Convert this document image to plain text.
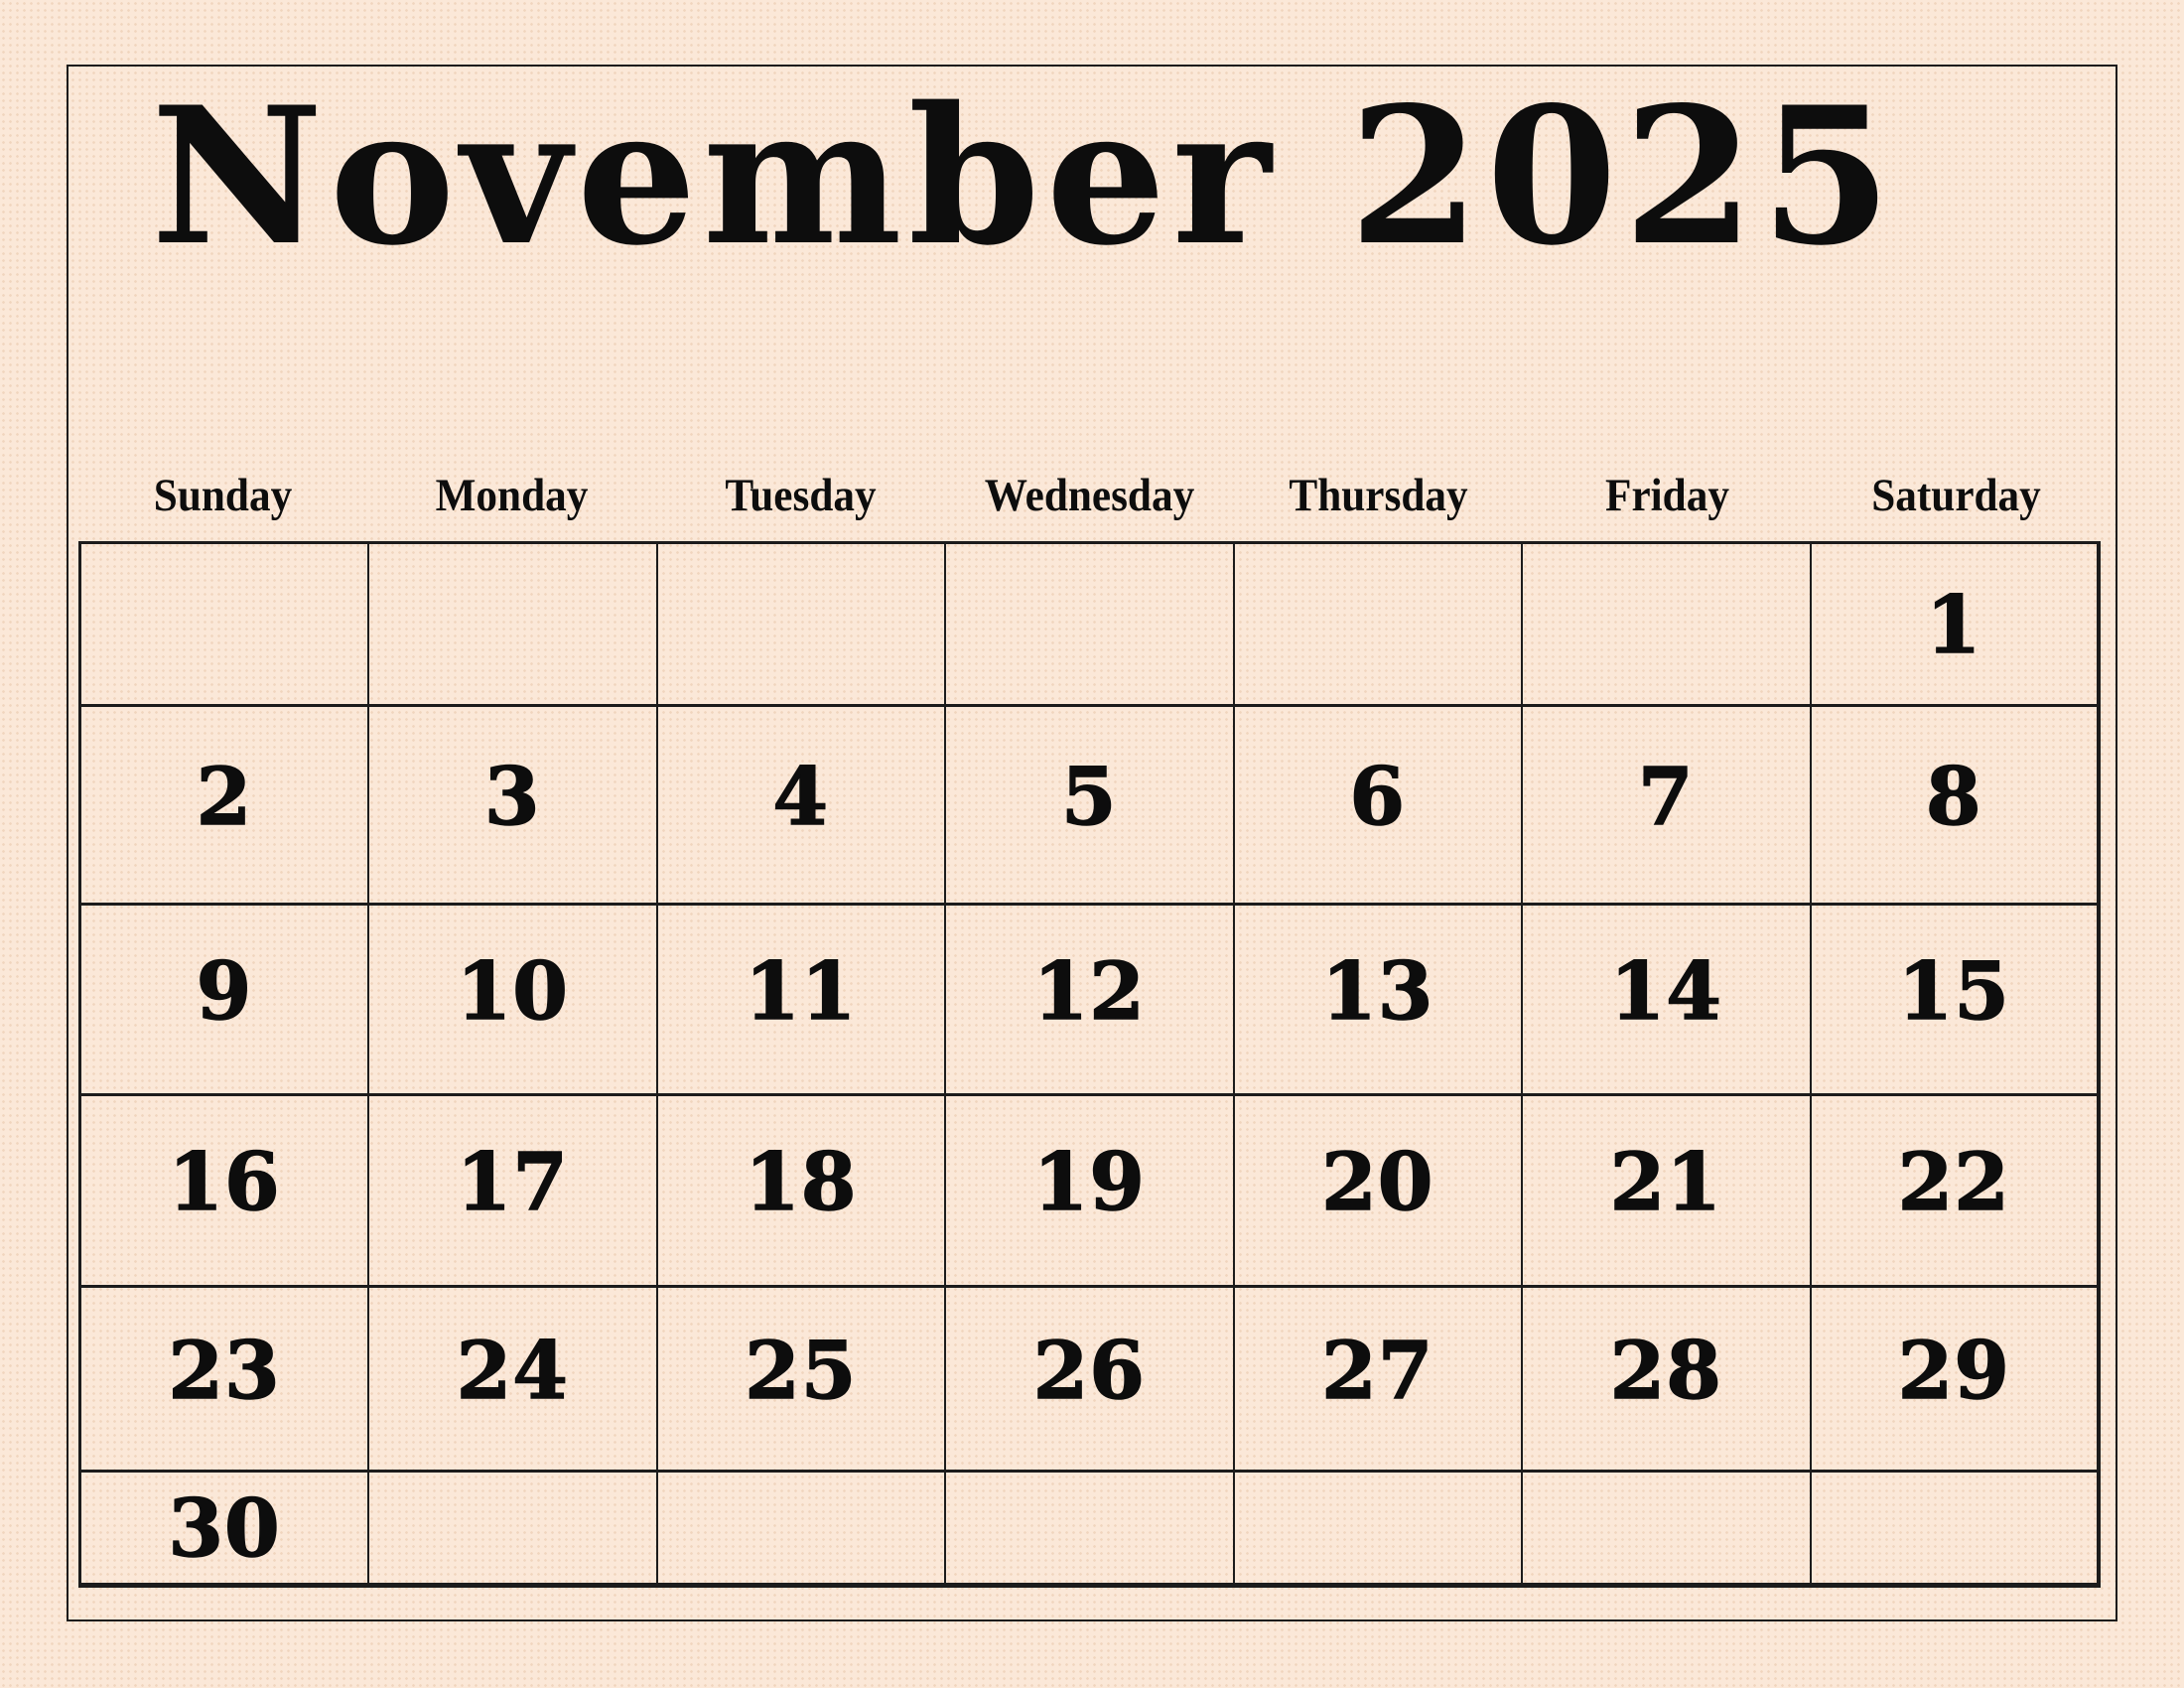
November 2025
Sunday	Monday	Tuesday	Wednesday	Thursday	Friday	Saturday
						1
2	3	4	5	6	7	8
9	10	11	12	13	14	15
16	17	18	19	20	21	22
23	24	25	26	27	28	29
30						
